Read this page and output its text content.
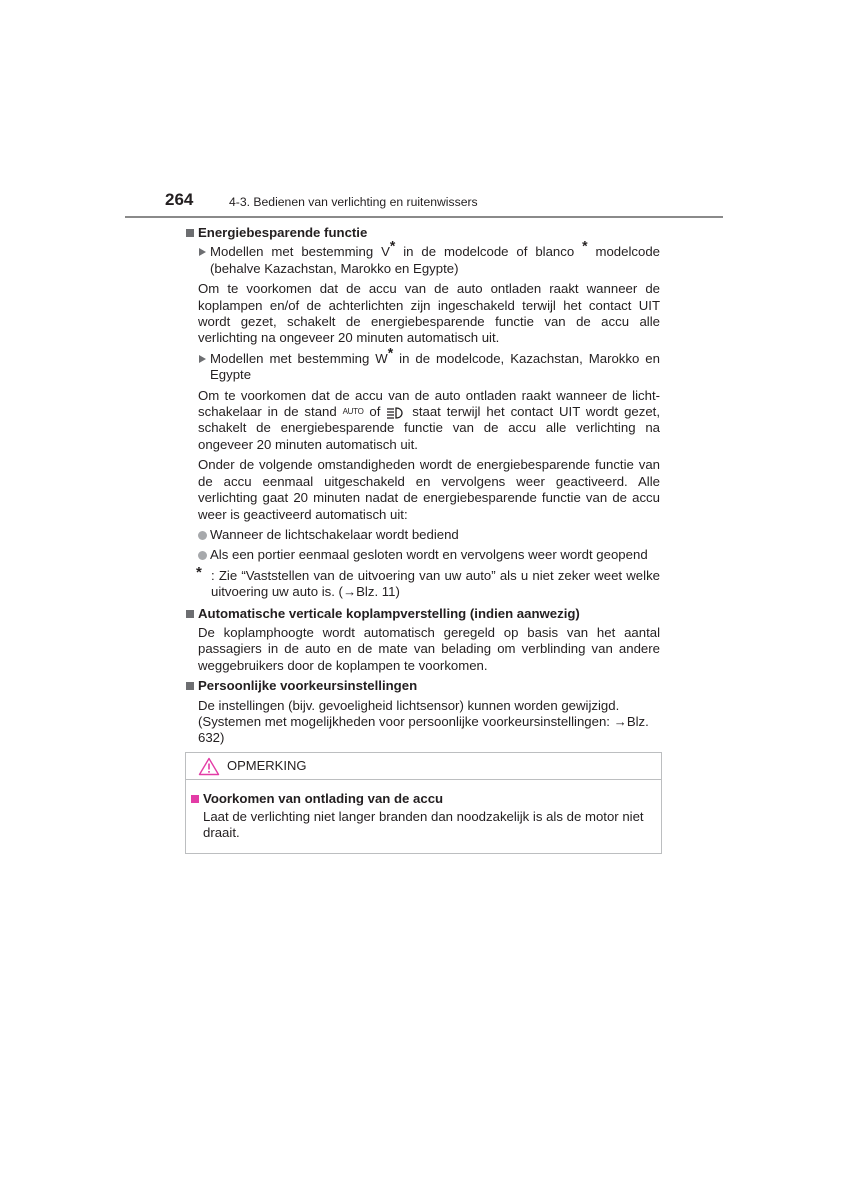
264	4-3. Bedienen van verlichting en ruitenwissers
Energiebesparende functie
Modellen met bestemming V* in de modelcode of blanco * modelcode (behalve Kazachstan, Marokko en Egypte)
Om te voorkomen dat de accu van de auto ontladen raakt wanneer de koplampen en/of de achterlichten zijn ingeschakeld terwijl het contact UIT wordt gezet, schakelt de energiebesparende functie van de accu alle verlichting na ongeveer 20 minuten automatisch uit.
Modellen met bestemming W* in de modelcode, Kazachstan, Marokko en Egypte
Om te voorkomen dat de accu van de auto ontladen raakt wanneer de licht-schakelaar in de stand AUTO of  staat terwijl het contact UIT wordt gezet, schakelt de energiebesparende functie van de accu alle verlichting na ongeveer 20 minuten automatisch uit.
Onder de volgende omstandigheden wordt de energiebesparende functie van de accu eenmaal uitgeschakeld en vervolgens weer geactiveerd. Alle verlichting gaat 20 minuten nadat de energiebesparende functie van de accu weer is geactiveerd automatisch uit:
Wanneer de lichtschakelaar wordt bediend
Als een portier eenmaal gesloten wordt en vervolgens weer wordt geopend
* : Zie “Vaststellen van de uitvoering van uw auto” als u niet zeker weet welke uitvoering uw auto is. (→Blz. 11)
Automatische verticale koplampverstelling (indien aanwezig)
De koplamphoogte wordt automatisch geregeld op basis van het aantal passagiers in de auto en de mate van belading om verblinding van andere weggebruikers door de koplampen te voorkomen.
Persoonlijke voorkeursinstellingen
De instellingen (bijv. gevoeligheid lichtsensor) kunnen worden gewijzigd. (Systemen met mogelijkheden voor persoonlijke voorkeursinstellingen: →Blz. 632)
OPMERKING
Voorkomen van ontlading van de accu
Laat de verlichting niet langer branden dan noodzakelijk is als de motor niet draait.
